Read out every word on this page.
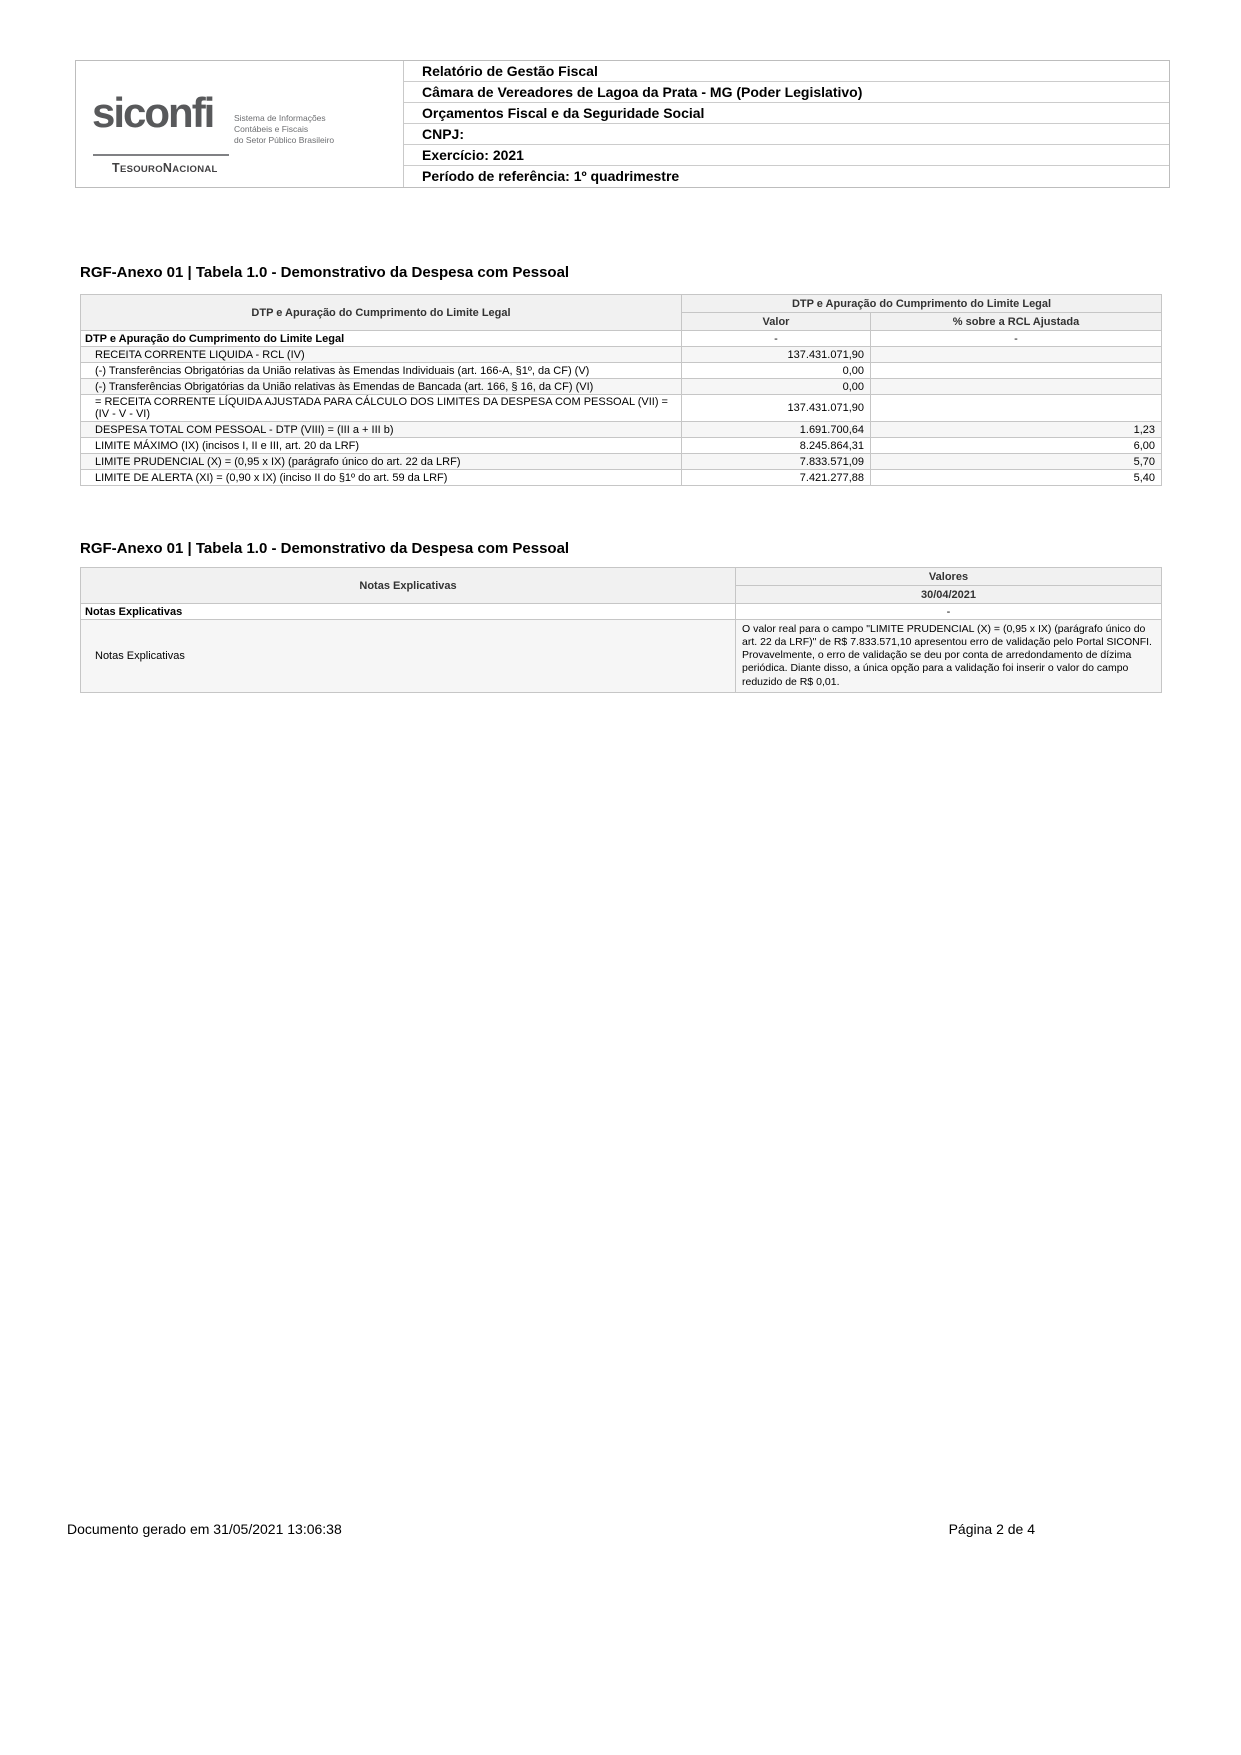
siconfi Sistema de Informações
Contábeis e Fiscais
do Setor Público Brasileiro
TESOURONACIONAL
Relatório de Gestão Fiscal
Câmara de Vereadores de Lagoa da Prata - MG (Poder Legislativo)
Orçamentos Fiscal e da Seguridade Social
CNPJ:
Exercício: 2021
Período de referência: 1º quadrimestre
RGF-Anexo 01 | Tabela 1.0 - Demonstrativo da Despesa com Pessoal
DTP e Apuração do Cumprimento do Limite Legal	DTP e Apuração do Cumprimento do Limite Legal	
	Valor	% sobre a RCL Ajustada
DTP e Apuração do Cumprimento do Limite Legal	-	-
RECEITA CORRENTE LIQUIDA - RCL (IV)	137.431.071,90	
(-) Transferências Obrigatórias da União relativas às Emendas Individuais (art. 166-A, §1º, da CF) (V)	0,00	
(-) Transferências Obrigatórias da União relativas às Emendas de Bancada (art. 166, § 16, da CF) (VI)	0,00	
= RECEITA CORRENTE LÍQUIDA AJUSTADA PARA CÁLCULO DOS LIMITES DA DESPESA COM PESSOAL (VII) = (IV - V - VI)	137.431.071,90	
DESPESA TOTAL COM PESSOAL - DTP (VIII) = (III a + III b)	1.691.700,64	1,23
LIMITE MÁXIMO (IX) (incisos I, II e III, art. 20 da LRF)	8.245.864,31	6,00
LIMITE PRUDENCIAL (X) = (0,95 x IX) (parágrafo único do art. 22 da LRF)	7.833.571,09	5,70
LIMITE DE ALERTA (XI) = (0,90 x IX) (inciso II do §1º do art. 59 da LRF)	7.421.277,88	5,40
RGF-Anexo 01 | Tabela 1.0 - Demonstrativo da Despesa com Pessoal
Notas Explicativas	Valores
	30/04/2021
Notas Explicativas	-
Notas Explicativas	O valor real para o campo "LIMITE PRUDENCIAL (X) = (0,95 x IX) (parágrafo único do art. 22 da LRF)" de R$ 7.833.571,10 apresentou erro de validação pelo Portal SICONFI. Provavelmente, o erro de validação se deu por conta de arredondamento de dízima periódica. Diante disso, a única opção para a validação foi inserir o valor do campo reduzido de R$ 0,01.
Documento gerado em 31/05/2021 13:06:38	Página 2 de 4
